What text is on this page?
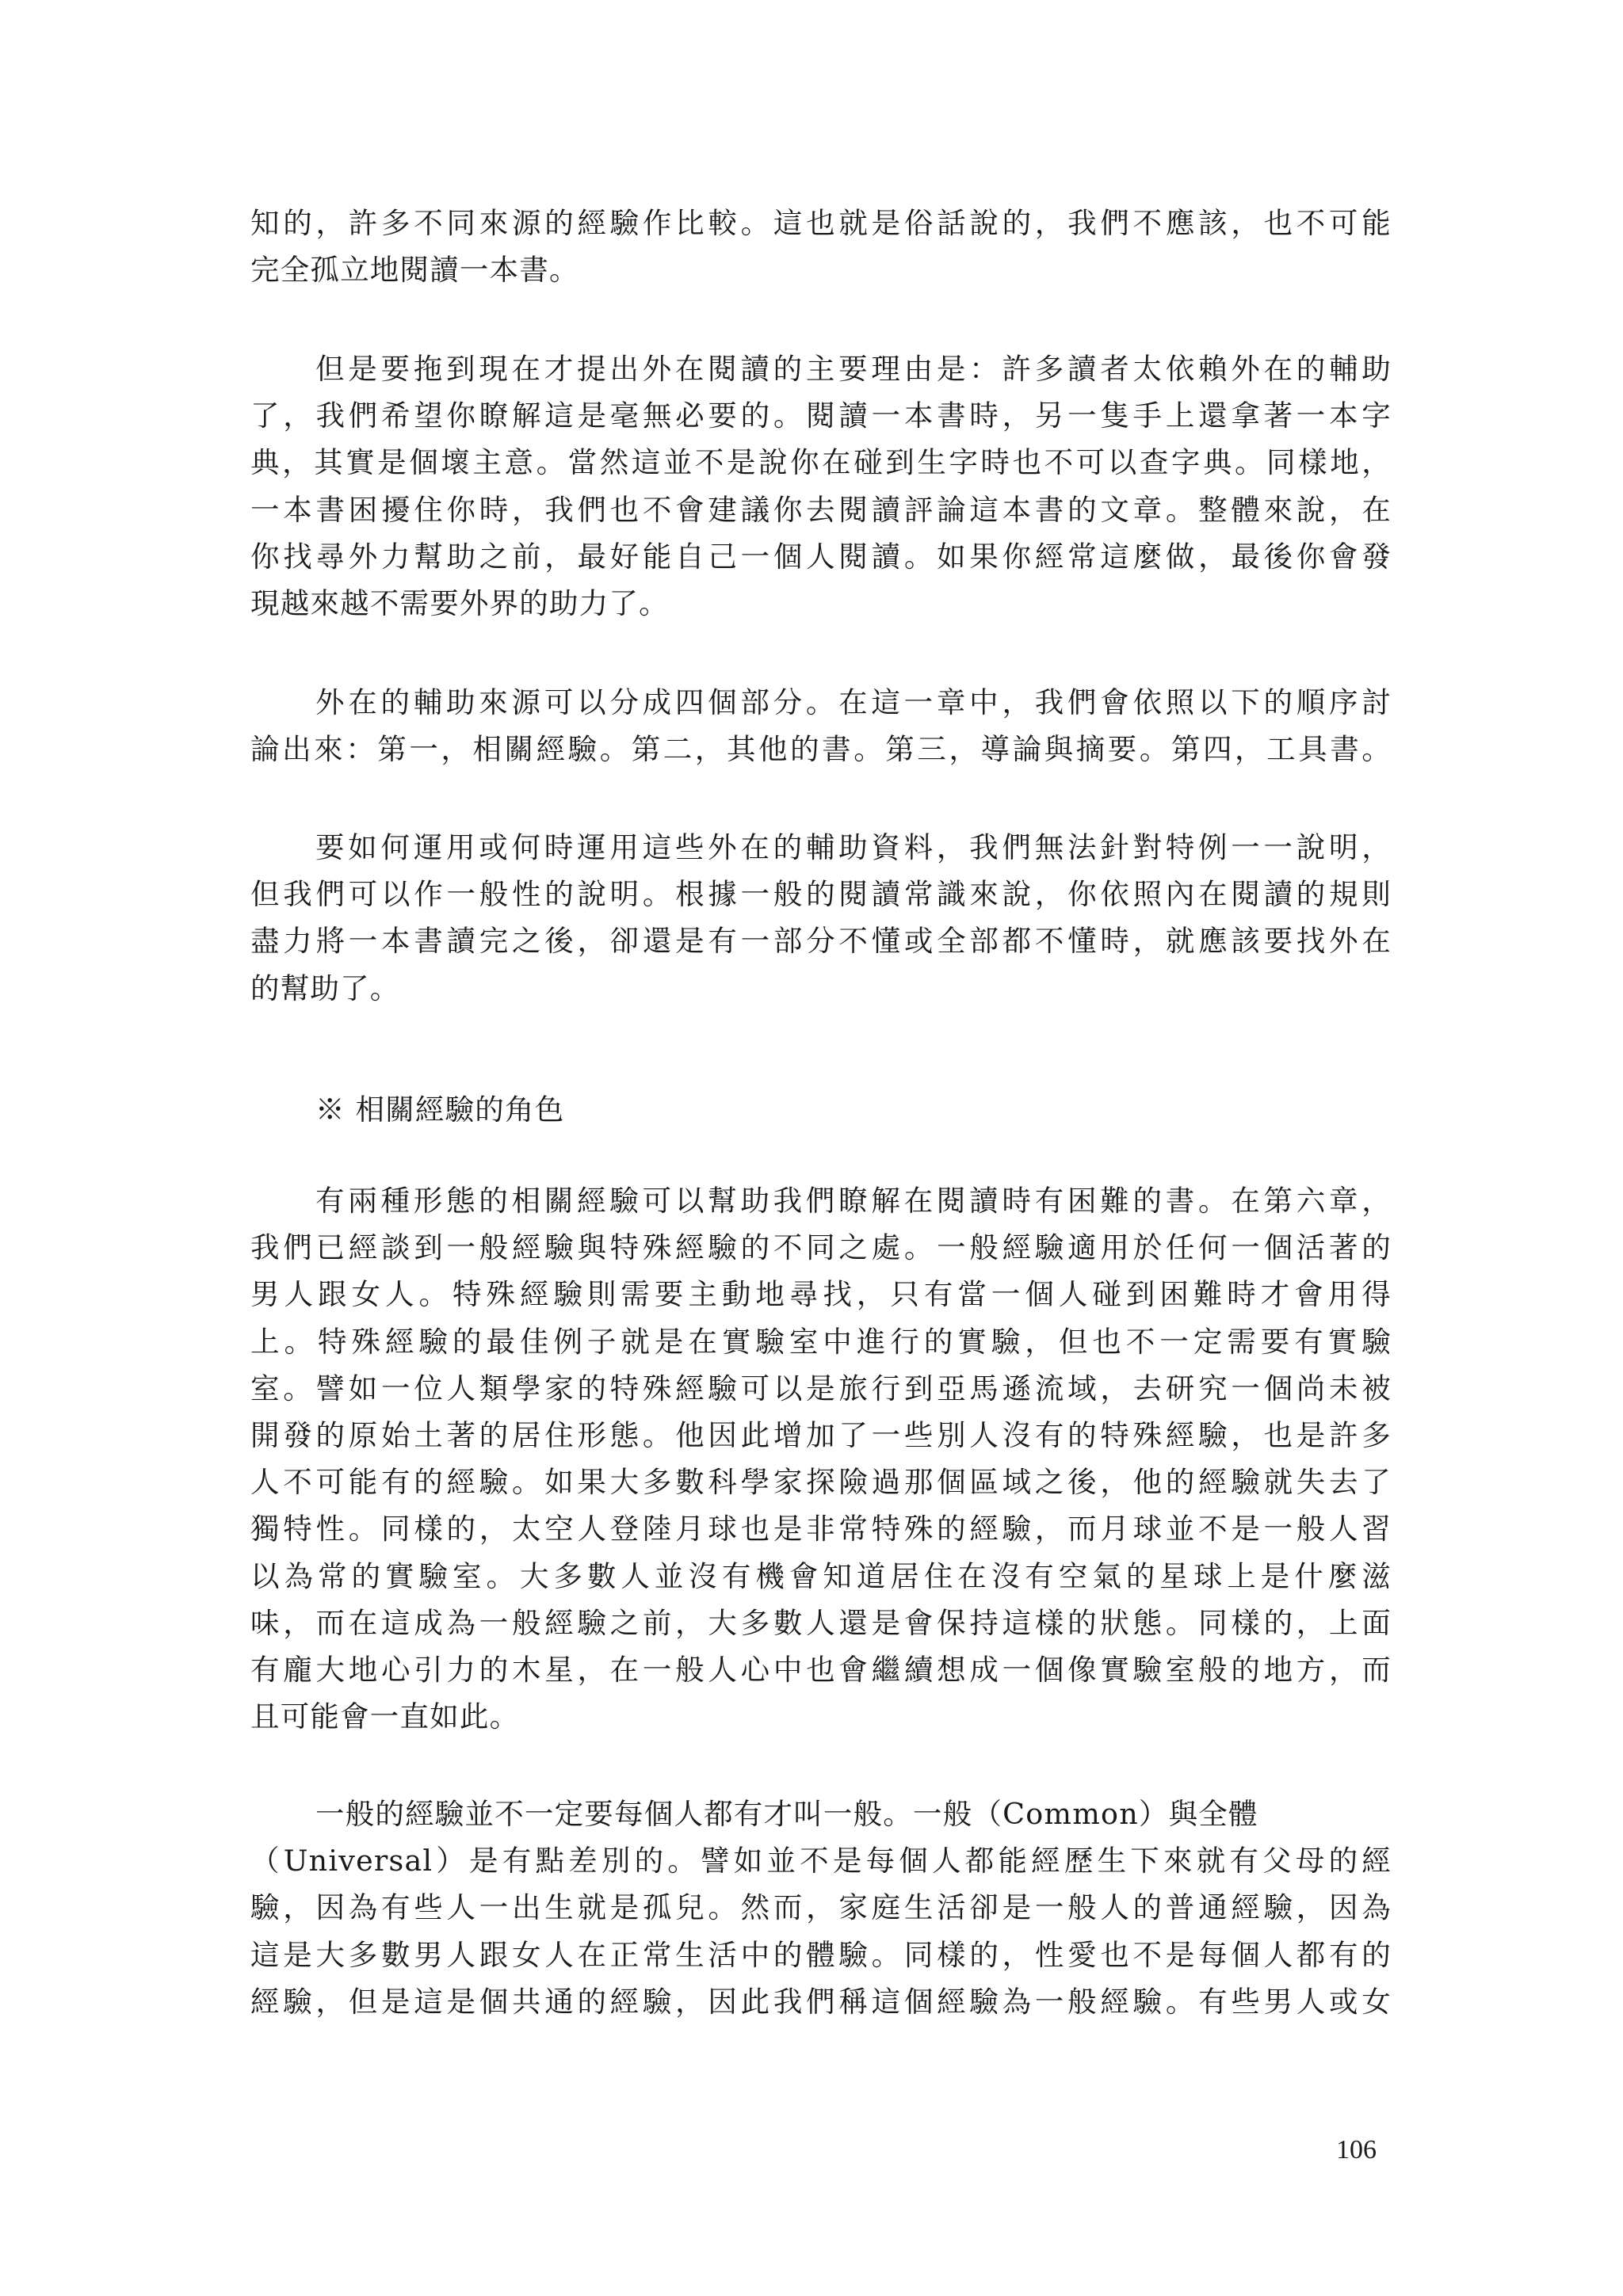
知的，許多不同來源的經驗作比較。這也就是俗話說的，我們不應該，也不可能
完全孤立地閱讀一本書。
但是要拖到現在才提出外在閱讀的主要理由是：許多讀者太依賴外在的輔助
了，我們希望你瞭解這是毫無必要的。閱讀一本書時，另一隻手上還拿著一本字
典，其實是個壞主意。當然這並不是說你在碰到生字時也不可以查字典。同樣地，
一本書困擾住你時，我們也不會建議你去閱讀評論這本書的文章。整體來說，在
你找尋外力幫助之前，最好能自己一個人閱讀。如果你經常這麼做，最後你會發
現越來越不需要外界的助力了。
外在的輔助來源可以分成四個部分。在這一章中，我們會依照以下的順序討
論出來：第一，相關經驗。第二，其他的書。第三，導論與摘要。第四，工具書。
要如何運用或何時運用這些外在的輔助資料，我們無法針對特例一一說明，
但我們可以作一般性的說明。根據一般的閱讀常識來說，你依照內在閱讀的規則
盡力將一本書讀完之後，卻還是有一部分不懂或全部都不懂時，就應該要找外在
的幫助了。
※ 相關經驗的角色
有兩種形態的相關經驗可以幫助我們瞭解在閱讀時有困難的書。在第六章，
我們已經談到一般經驗與特殊經驗的不同之處。一般經驗適用於任何一個活著的
男人跟女人。特殊經驗則需要主動地尋找，只有當一個人碰到困難時才會用得
上。特殊經驗的最佳例子就是在實驗室中進行的實驗，但也不一定需要有實驗
室。譬如一位人類學家的特殊經驗可以是旅行到亞馬遜流域，去研究一個尚未被
開發的原始土著的居住形態。他因此增加了一些別人沒有的特殊經驗，也是許多
人不可能有的經驗。如果大多數科學家探險過那個區域之後，他的經驗就失去了
獨特性。同樣的，太空人登陸月球也是非常特殊的經驗，而月球並不是一般人習
以為常的實驗室。大多數人並沒有機會知道居住在沒有空氣的星球上是什麼滋
味，而在這成為一般經驗之前，大多數人還是會保持這樣的狀態。同樣的，上面
有龐大地心引力的木星，在一般人心中也會繼續想成一個像實驗室般的地方，而
且可能會一直如此。
一般的經驗並不一定要每個人都有才叫一般。一般（Common）與全體
（Universal）是有點差別的。譬如並不是每個人都能經歷生下來就有父母的經
驗，因為有些人一出生就是孤兒。然而，家庭生活卻是一般人的普通經驗，因為
這是大多數男人跟女人在正常生活中的體驗。同樣的，性愛也不是每個人都有的
經驗，但是這是個共通的經驗，因此我們稱這個經驗為一般經驗。有些男人或女
106
